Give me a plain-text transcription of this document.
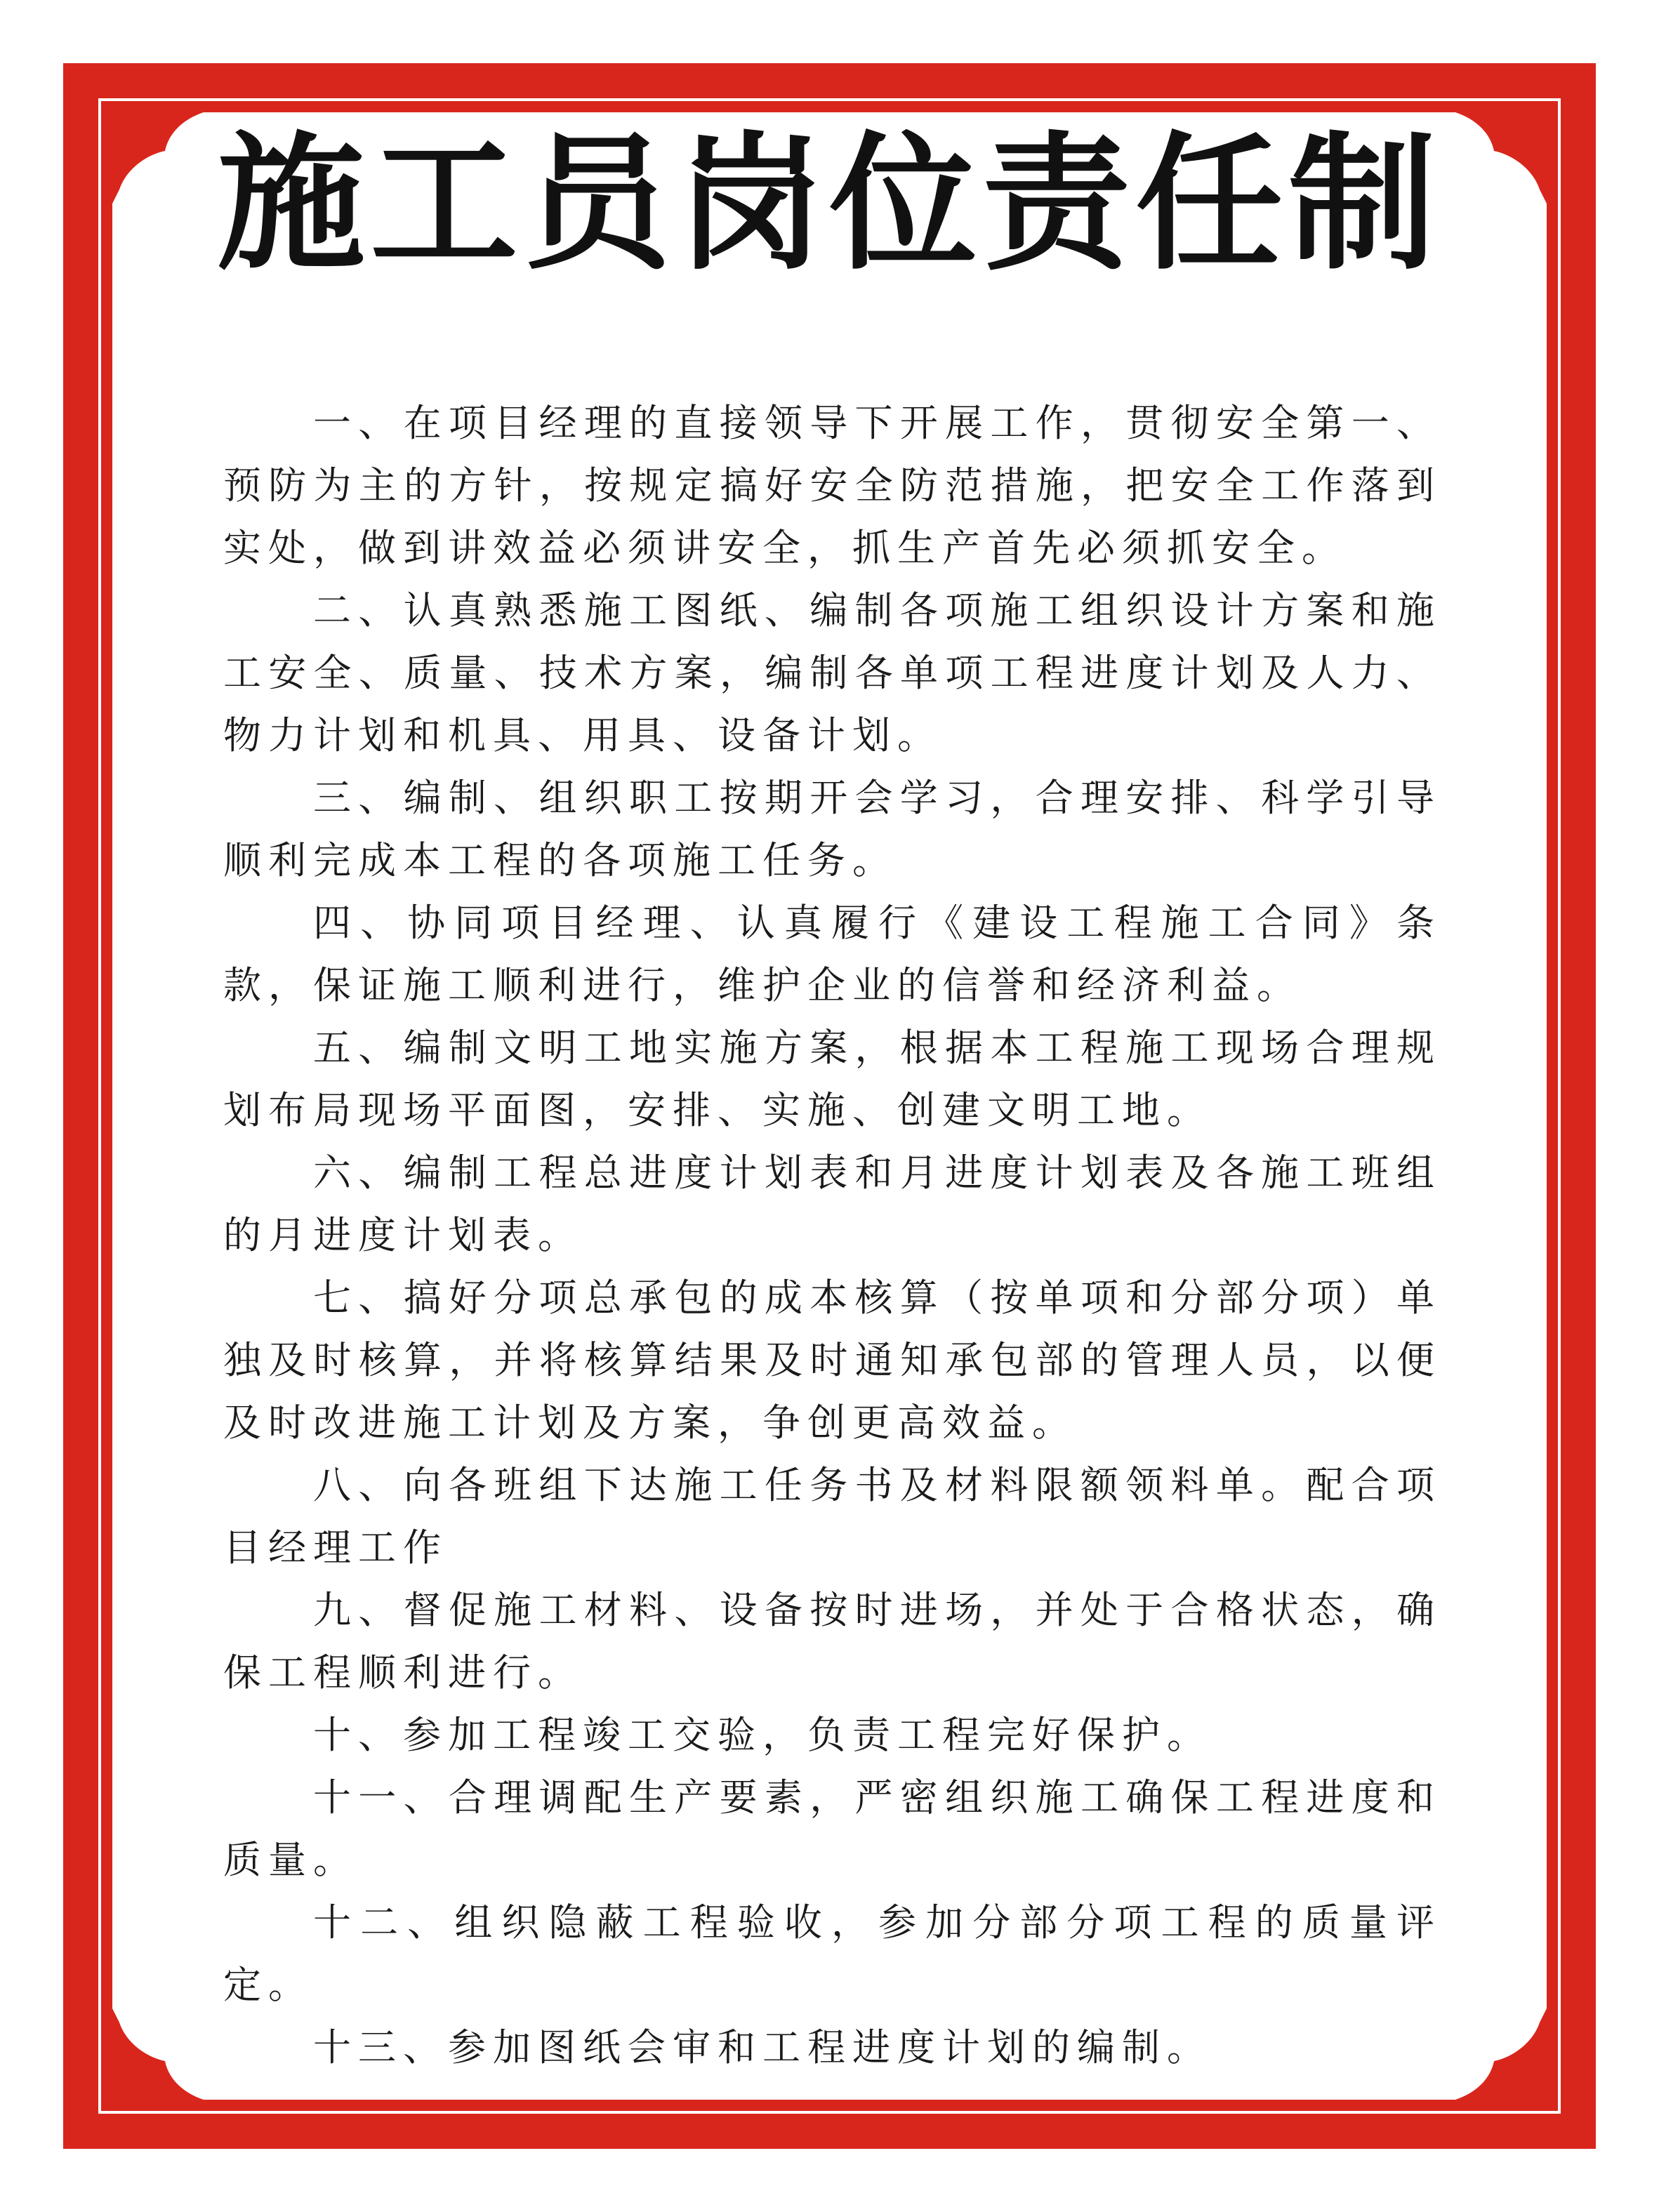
施工员岗位责任制

一、在项目经理的直接领导下开展工作，贯彻安全第一、预防为主的方针，按规定搞好安全防范措施，把安全工作落到实处，做到讲效益必须讲安全，抓生产首先必须抓安全。

二、认真熟悉施工图纸、编制各项施工组织设计方案和施工安全、质量、技术方案，编制各单项工程进度计划及人力、物力计划和机具、用具、设备计划。

三、编制、组织职工按期开会学习，合理安排、科学引导顺利完成本工程的各项施工任务。

四、协同项目经理、认真履行《建设工程施工合同》条款，保证施工顺利进行，维护企业的信誉和经济利益。

五、编制文明工地实施方案，根据本工程施工现场合理规划布局现场平面图，安排、实施、创建文明工地。

六、编制工程总进度计划表和月进度计划表及各施工班组的月进度计划表。

七、搞好分项总承包的成本核算（按单项和分部分项）单独及时核算，并将核算结果及时通知承包部的管理人员，以便及时改进施工计划及方案，争创更高效益。

八、向各班组下达施工任务书及材料限额领料单。配合项目经理工作

九、督促施工材料、设备按时进场，并处于合格状态，确保工程顺利进行。

十、参加工程竣工交验，负责工程完好保护。

十一、合理调配生产要素，严密组织施工确保工程进度和质量。

十二、组织隐蔽工程验收，参加分部分项工程的质量评定。

十三、参加图纸会审和工程进度计划的编制。
